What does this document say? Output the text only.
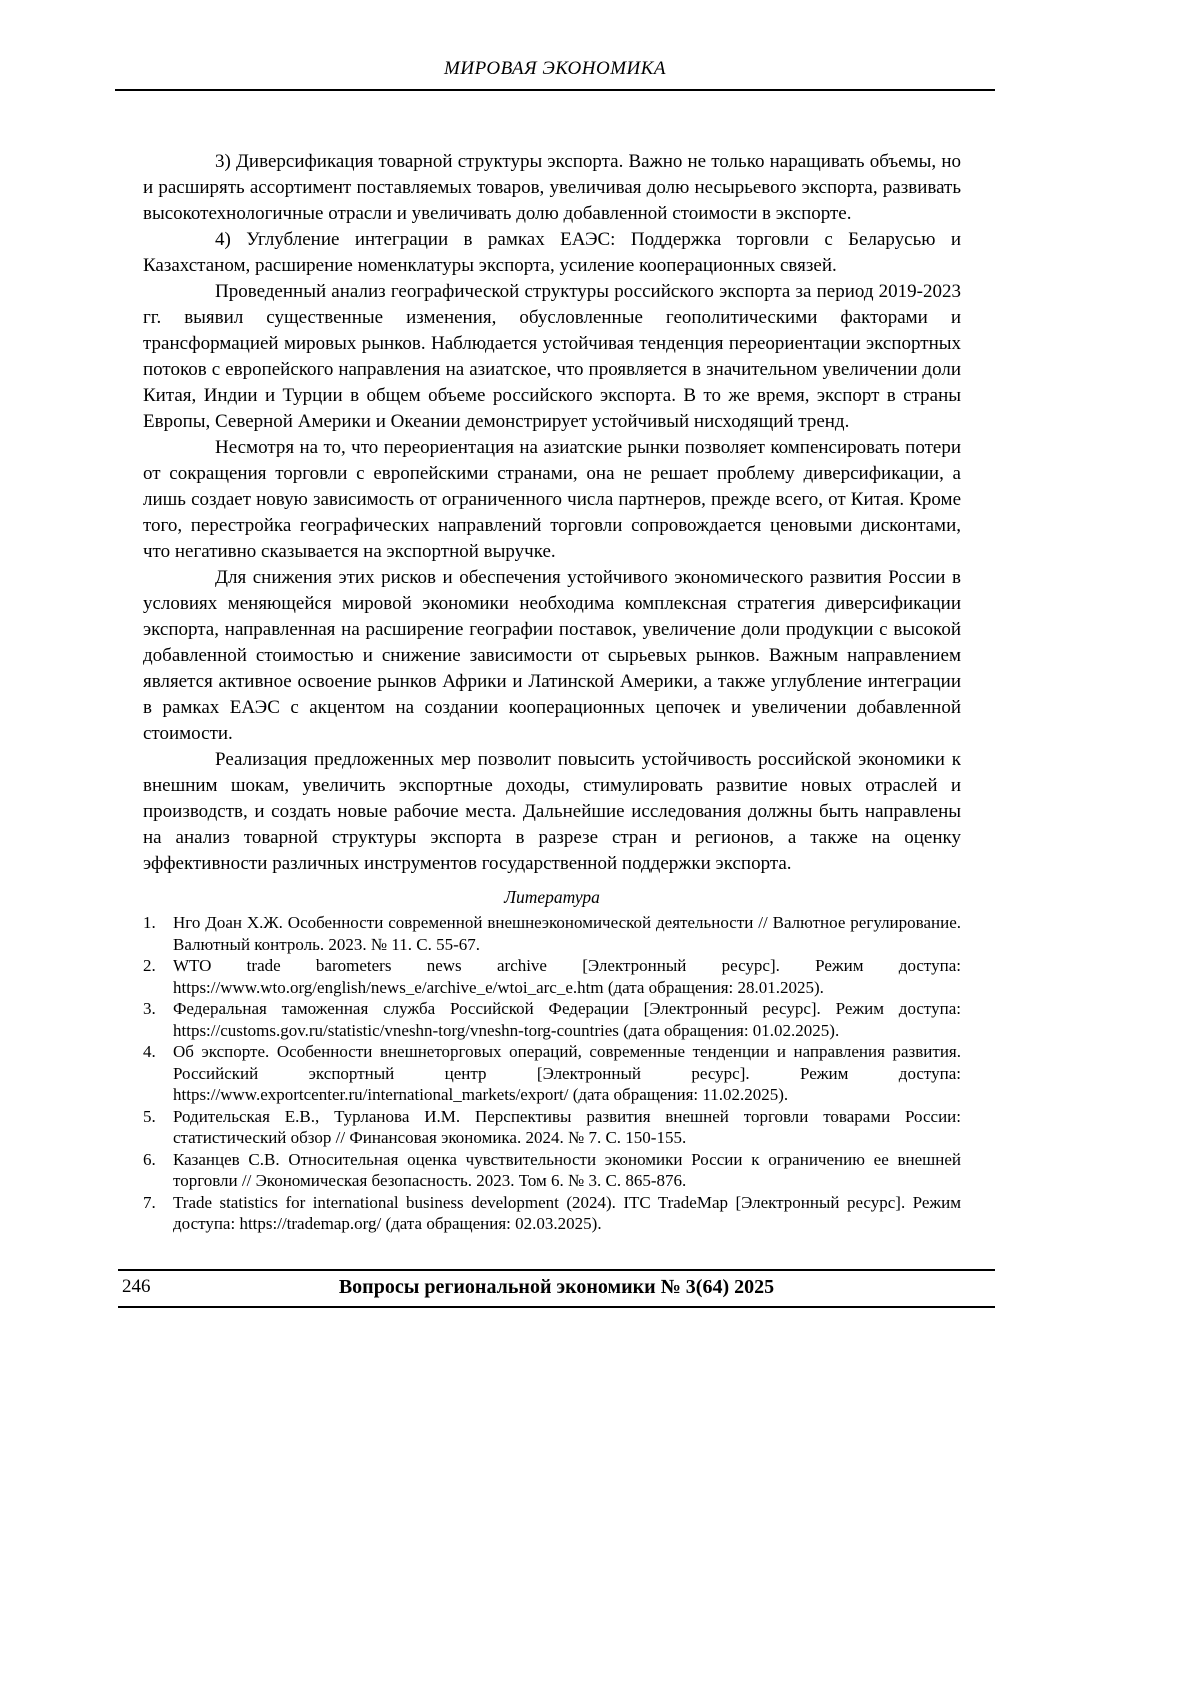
МИРОВАЯ ЭКОНОМИКА

3) Диверсификация товарной структуры экспорта. Важно не только наращивать объемы, но и расширять ассортимент поставляемых товаров, увеличивая долю несырьевого экспорта, развивать высокотехнологичные отрасли и увеличивать долю добавленной стоимости в экспорте.

4) Углубление интеграции в рамках ЕАЭС: Поддержка торговли с Беларусью и Казахстаном, расширение номенклатуры экспорта, усиление кооперационных связей.

Проведенный анализ географической структуры российского экспорта за период 2019-2023 гг. выявил существенные изменения, обусловленные геополитическими факторами и трансформацией мировых рынков. Наблюдается устойчивая тенденция переориентации экспортных потоков с европейского направления на азиатское, что проявляется в значительном увеличении доли Китая, Индии и Турции в общем объеме российского экспорта. В то же время, экспорт в страны Европы, Северной Америки и Океании демонстрирует устойчивый нисходящий тренд.

Несмотря на то, что переориентация на азиатские рынки позволяет компенсировать потери от сокращения торговли с европейскими странами, она не решает проблему диверсификации, а лишь создает новую зависимость от ограниченного числа партнеров, прежде всего, от Китая. Кроме того, перестройка географических направлений торговли сопровождается ценовыми дисконтами, что негативно сказывается на экспортной выручке.

Для снижения этих рисков и обеспечения устойчивого экономического развития России в условиях меняющейся мировой экономики необходима комплексная стратегия диверсификации экспорта, направленная на расширение географии поставок, увеличение доли продукции с высокой добавленной стоимостью и снижение зависимости от сырьевых рынков. Важным направлением является активное освоение рынков Африки и Латинской Америки, а также углубление интеграции в рамках ЕАЭС с акцентом на создании кооперационных цепочек и увеличении добавленной стоимости.

Реализация предложенных мер позволит повысить устойчивость российской экономики к внешним шокам, увеличить экспортные доходы, стимулировать развитие новых отраслей и производств, и создать новые рабочие места. Дальнейшие исследования должны быть направлены на анализ товарной структуры экспорта в разрезе стран и регионов, а также на оценку эффективности различных инструментов государственной поддержки экспорта.

Литература
1.	Нго Доан Х.Ж. Особенности современной внешнеэкономической деятельности // Валютное регулирование. Валютный контроль. 2023. № 11. С. 55-67.
2.	WTO trade barometers news archive [Электронный ресурс]. Режим доступа: https://www.wto.org/english/news_e/archive_e/wtoi_arc_e.htm (дата обращения: 28.01.2025).
3.	Федеральная таможенная служба Российской Федерации [Электронный ресурс]. Режим доступа: https://customs.gov.ru/statistic/vneshn-torg/vneshn-torg-countries (дата обращения: 01.02.2025).
4.	Об экспорте. Особенности внешнеторговых операций, современные тенденции и направления развития. Российский экспортный центр [Электронный ресурс]. Режим доступа: https://www.exportcenter.ru/international_markets/export/ (дата обращения: 11.02.2025).
5.	Родительская Е.В., Турланова И.М. Перспективы развития внешней торговли товарами России: статистический обзор // Финансовая экономика. 2024. № 7. С. 150-155.
6.	Казанцев С.В. Относительная оценка чувствительности экономики России к ограничению ее внешней торговли // Экономическая безопасность. 2023. Том 6. № 3. С. 865-876.
7.	Trade statistics for international business development (2024). ITC TradeMap [Электронный ресурс]. Режим доступа: https://trademap.org/ (дата обращения: 02.03.2025).
246	Вопросы региональной экономики № 3(64) 2025
